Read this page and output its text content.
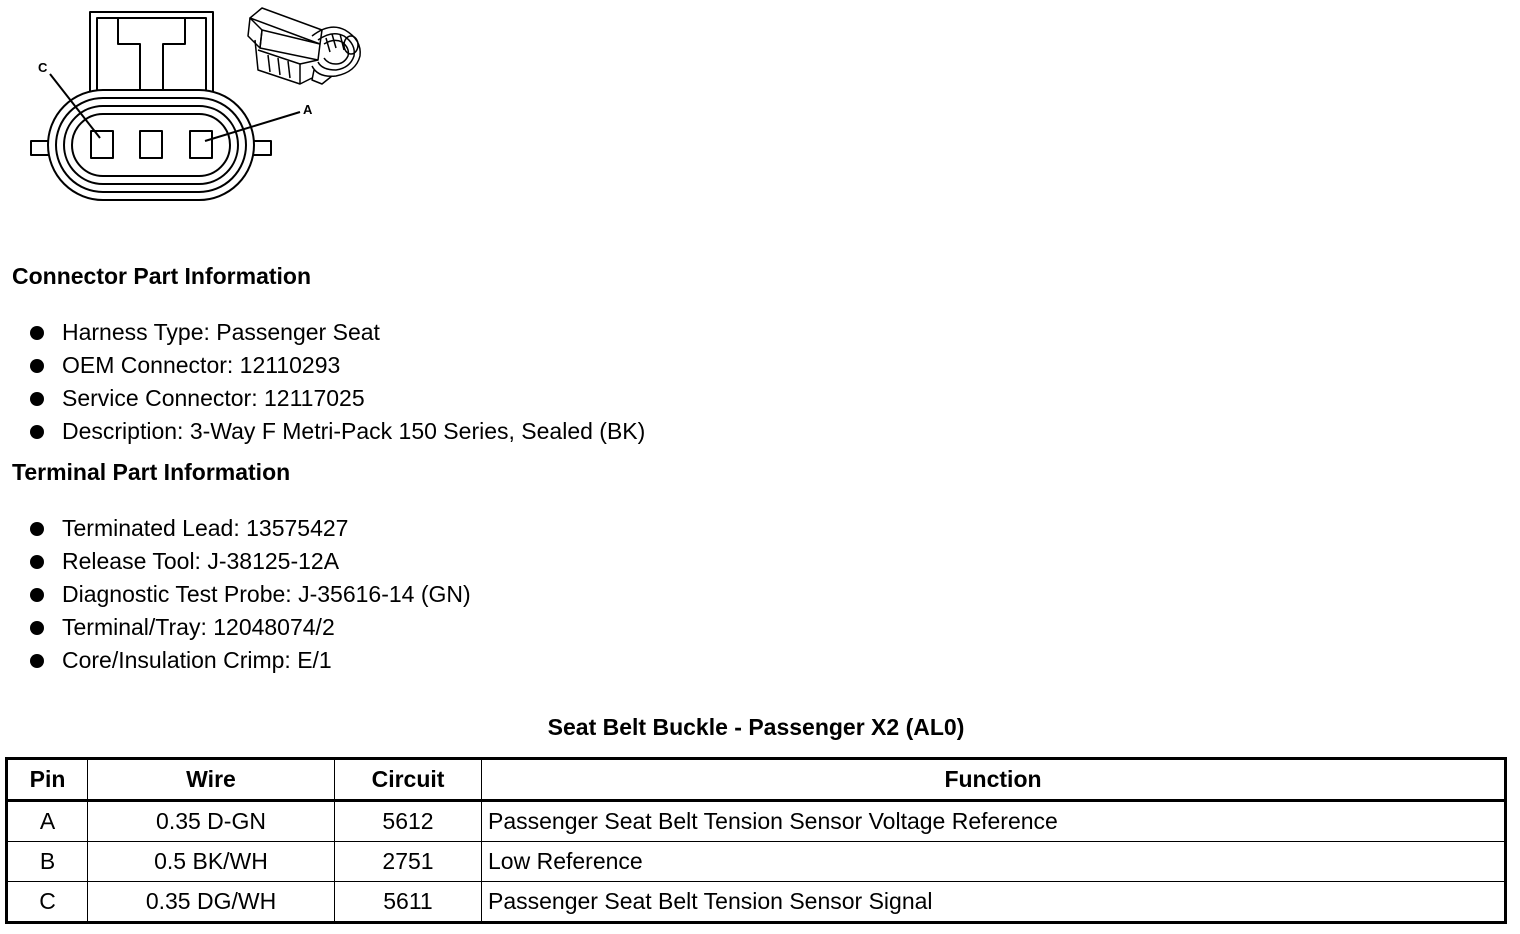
C
A
Connector Part Information
Harness Type: Passenger Seat
OEM Connector: 12110293
Service Connector: 12117025
Description: 3-Way F Metri-Pack 150 Series, Sealed (BK)
Terminal Part Information
Terminated Lead: 13575427
Release Tool: J-38125-12A
Diagnostic Test Probe: J-35616-14 (GN)
Terminal/Tray: 12048074/2
Core/Insulation Crimp: E/1
Seat Belt Buckle - Passenger X2 (AL0)
Pin	Wire	Circuit	Function
A	0.35 D-GN	5612	Passenger Seat Belt Tension Sensor Voltage Reference
B	0.5 BK/WH	2751	Low Reference
C	0.35 DG/WH	5611	Passenger Seat Belt Tension Sensor Signal
